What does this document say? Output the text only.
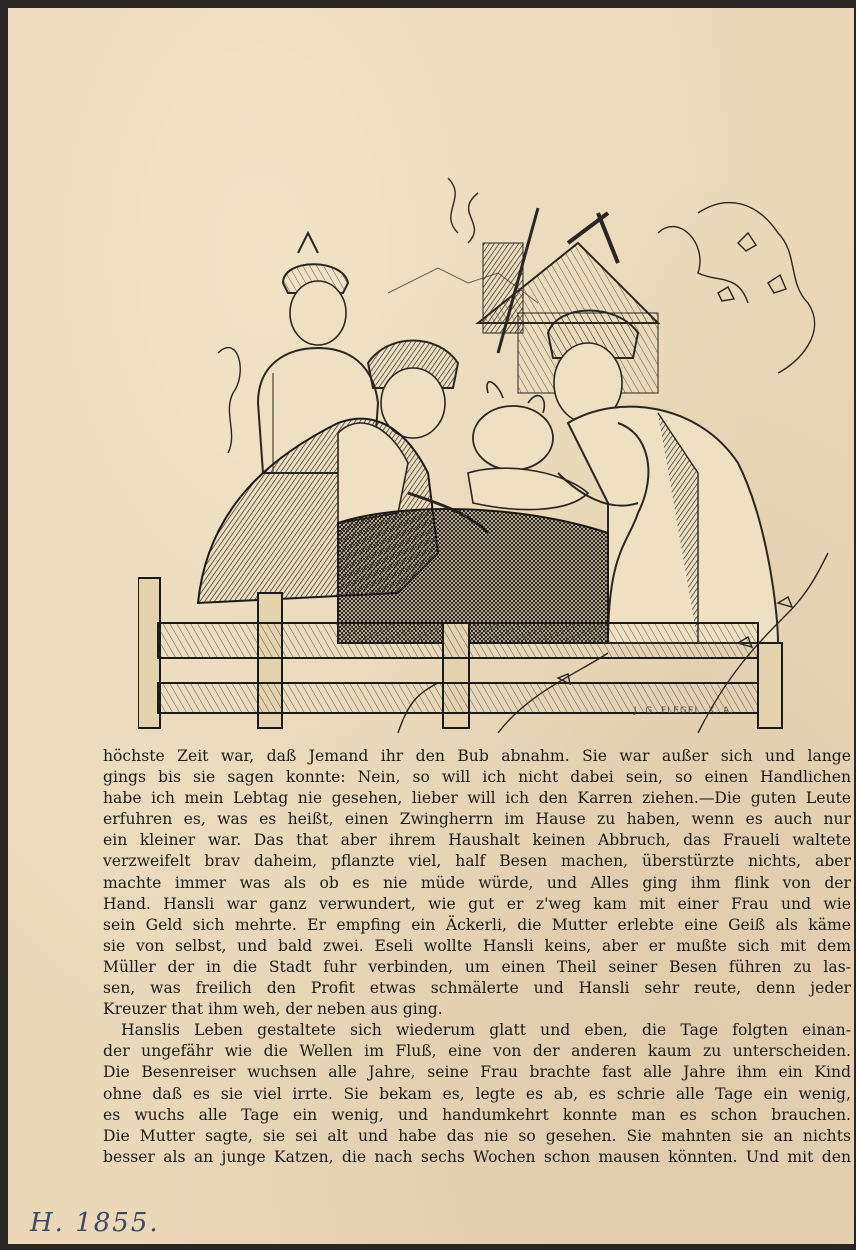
J. G. FLEGEL. X. A.
höchste Zeit war, daß Jemand ihr den Bub abnahm. Sie war außer sich und lange
gings bis sie sagen konnte: Nein, so will ich nicht dabei sein, so einen Handlichen
habe ich mein Lebtag nie gesehen, lieber will ich den Karren ziehen.—Die guten Leute
erfuhren es, was es heißt, einen Zwingherrn im Hause zu haben, wenn es auch nur
ein kleiner war. Das that aber ihrem Haushalt keinen Abbruch, das Fraueli waltete
verzweifelt brav daheim, pflanzte viel, half Besen machen, überstürzte nichts, aber
machte immer was als ob es nie müde würde, und Alles ging ihm flink von der
Hand. Hansli war ganz verwundert, wie gut er z'weg kam mit einer Frau und wie
sein Geld sich mehrte. Er empfing ein Äckerli, die Mutter erlebte eine Geiß als käme
sie von selbst, und bald zwei. Eseli wollte Hansli keins, aber er mußte sich mit dem
Müller der in die Stadt fuhr verbinden, um einen Theil seiner Besen führen zu las-
sen, was freilich den Profit etwas schmälerte und Hansli sehr reute, denn jeder
Kreuzer that ihm weh, der neben aus ging.
Hanslis Leben gestaltete sich wiederum glatt und eben, die Tage folgten einan-
der ungefähr wie die Wellen im Fluß, eine von der anderen kaum zu unterscheiden.
Die Besenreiser wuchsen alle Jahre, seine Frau brachte fast alle Jahre ihm ein Kind
ohne daß es sie viel irrte. Sie bekam es, legte es ab, es schrie alle Tage ein wenig,
es wuchs alle Tage ein wenig, und handumkehrt konnte man es schon brauchen.
Die Mutter sagte, sie sei alt und habe das nie so gesehen. Sie mahnten sie an nichts
besser als an junge Katzen, die nach sechs Wochen schon mausen könnten. Und mit den
H. 1855.
